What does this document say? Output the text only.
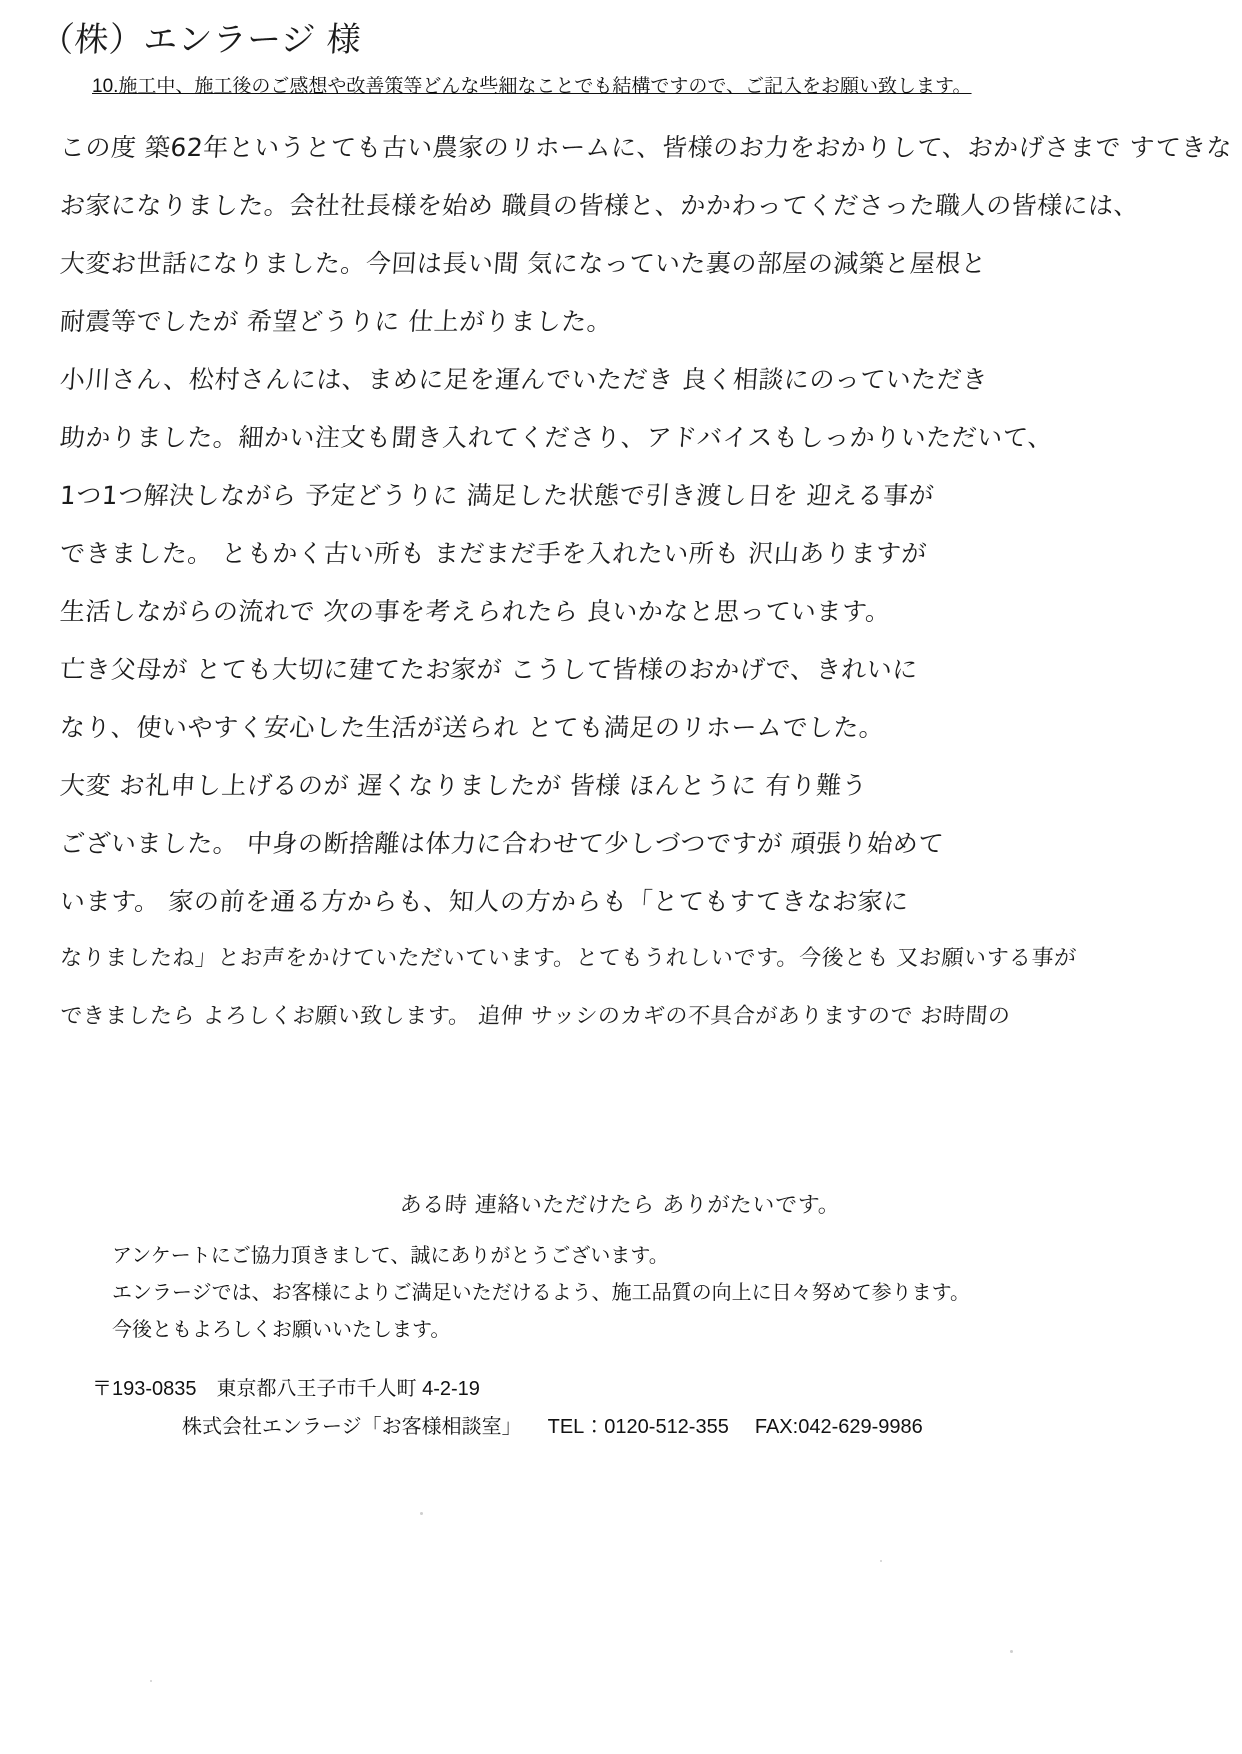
（株）エンラージ 様
10.施工中、施工後のご感想や改善策等どんな些細なことでも結構ですので、ご記入をお願い致します。
この度 築62年というとても古い農家のリホームに、皆様のお力をおかりして、おかげさまで すてきな
お家になりました。会社社長様を始め 職員の皆様と、かかわってくださった職人の皆様には、
大変お世話になりました。今回は長い間 気になっていた裏の部屋の減築と屋根と
耐震等でしたが 希望どうりに 仕上がりました。
小川さん、松村さんには、まめに足を運んでいただき 良く相談にのっていただき
助かりました。細かい注文も聞き入れてくださり、アドバイスもしっかりいただいて、
1つ1つ解決しながら 予定どうりに 満足した状態で引き渡し日を 迎える事が
できました。 ともかく古い所も まだまだ手を入れたい所も 沢山ありますが
生活しながらの流れで 次の事を考えられたら 良いかなと思っています。
亡き父母が とても大切に建てたお家が こうして皆様のおかげで、きれいに
なり、使いやすく安心した生活が送られ とても満足のリホームでした。
大変 お礼申し上げるのが 遅くなりましたが 皆様 ほんとうに 有り難う
ございました。 中身の断捨離は体力に合わせて少しづつですが 頑張り始めて
います。 家の前を通る方からも、知人の方からも「とてもすてきなお家に
なりましたね」とお声をかけていただいています。とてもうれしいです。今後とも 又お願いする事が
できましたら よろしくお願い致します。 追伸 サッシのカギの不具合がありますので お時間の
ある時 連絡いただけたら ありがたいです。
アンケートにご協力頂きまして、誠にありがとうございます。
エンラージでは、お客様によりご満足いただけるよう、施工品質の向上に日々努めて参ります。
今後ともよろしくお願いいたします。
〒193-0835　東京都八王子市千人町 4-2-19
株式会社エンラージ「お客様相談室」 TEL：0120-512-355 FAX:042-629-9986
